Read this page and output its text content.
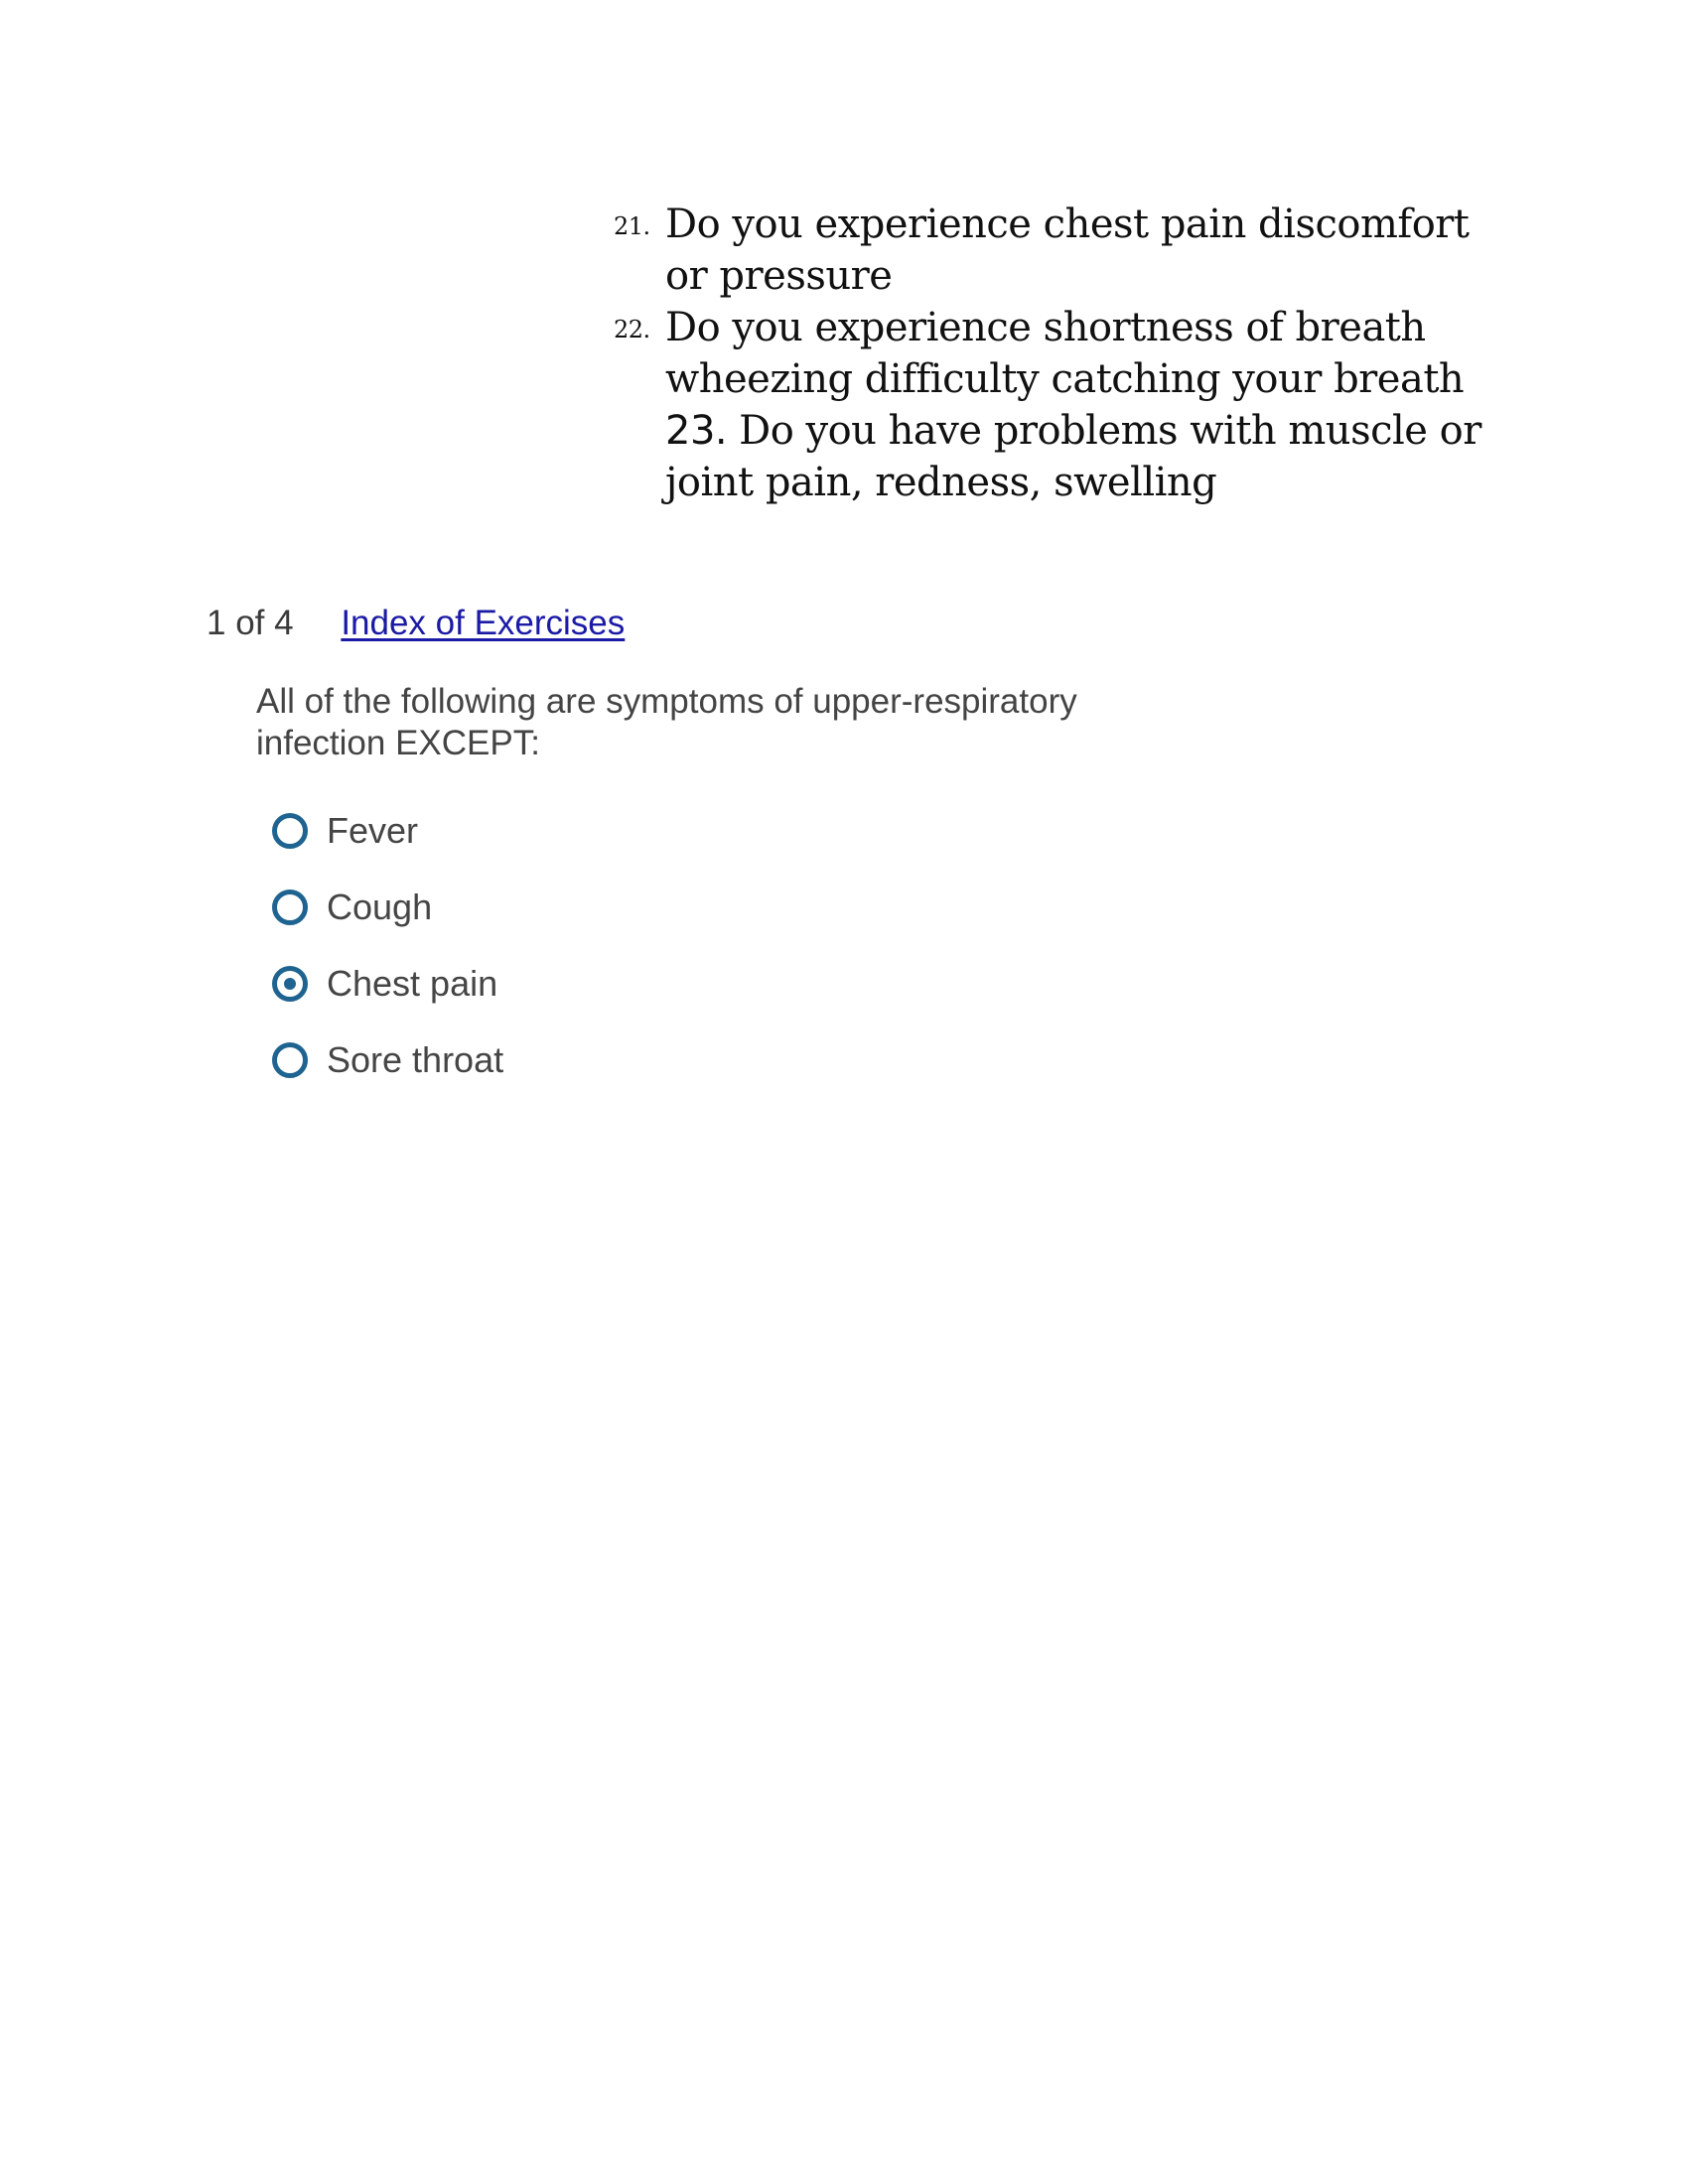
21. Do you experience chest pain discomfort or pressure
22. Do you experience shortness of breath wheezing difficulty catching your breath
23. Do you have problems with muscle or joint pain, redness, swelling
1 of 4 Index of Exercises
All of the following are symptoms of upper-respiratory infection EXCEPT:
Fever
Cough
Chest pain
Sore throat
